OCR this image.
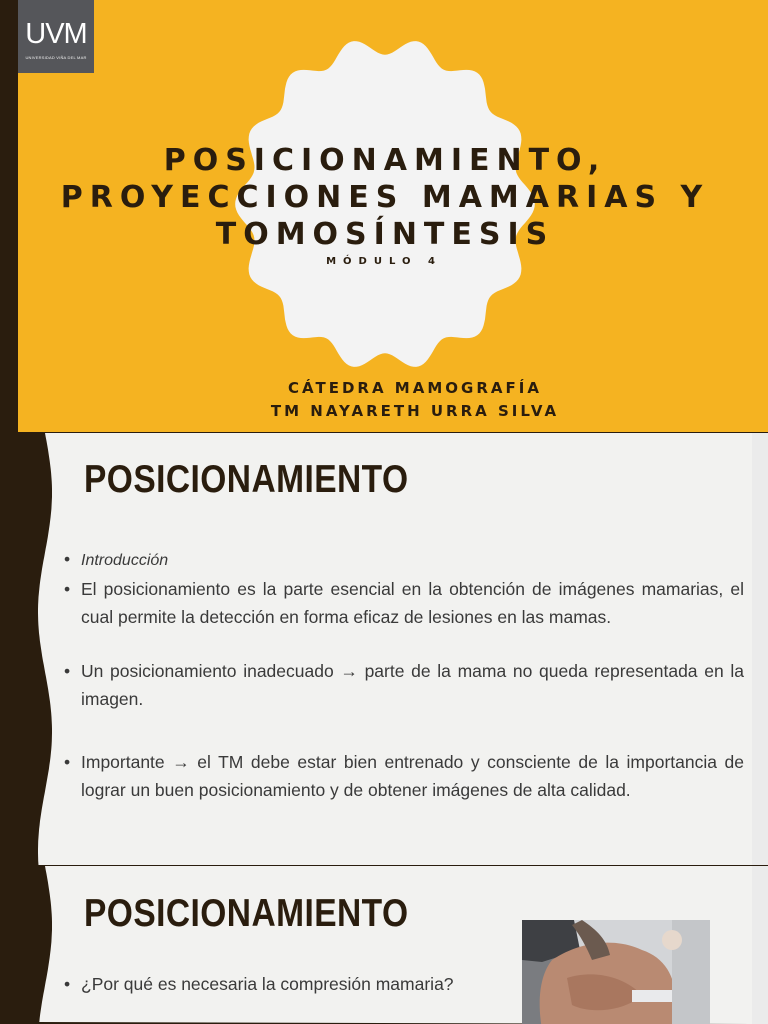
UVM
UNIVERSIDAD VIÑA DEL MAR
POSICIONAMIENTO,
PROYECCIONES MAMARIAS Y
TOMOSÍNTESIS
MÓDULO 4
CÁTEDRA MAMOGRAFÍA
TM NAYARETH URRA SILVA
POSICIONAMIENTO
• Introducción
• El posicionamiento es la parte esencial en la obtención de imágenes mamarias, el cual permite la detección en forma eficaz de lesiones en las mamas.
• Un posicionamiento inadecuado → parte de la mama no queda representada en la imagen.
• Importante → el TM debe estar bien entrenado y consciente de la importancia de lograr un buen posicionamiento y de obtener imágenes de alta calidad.
POSICIONAMIENTO
• ¿Por qué es necesaria la compresión mamaria?
